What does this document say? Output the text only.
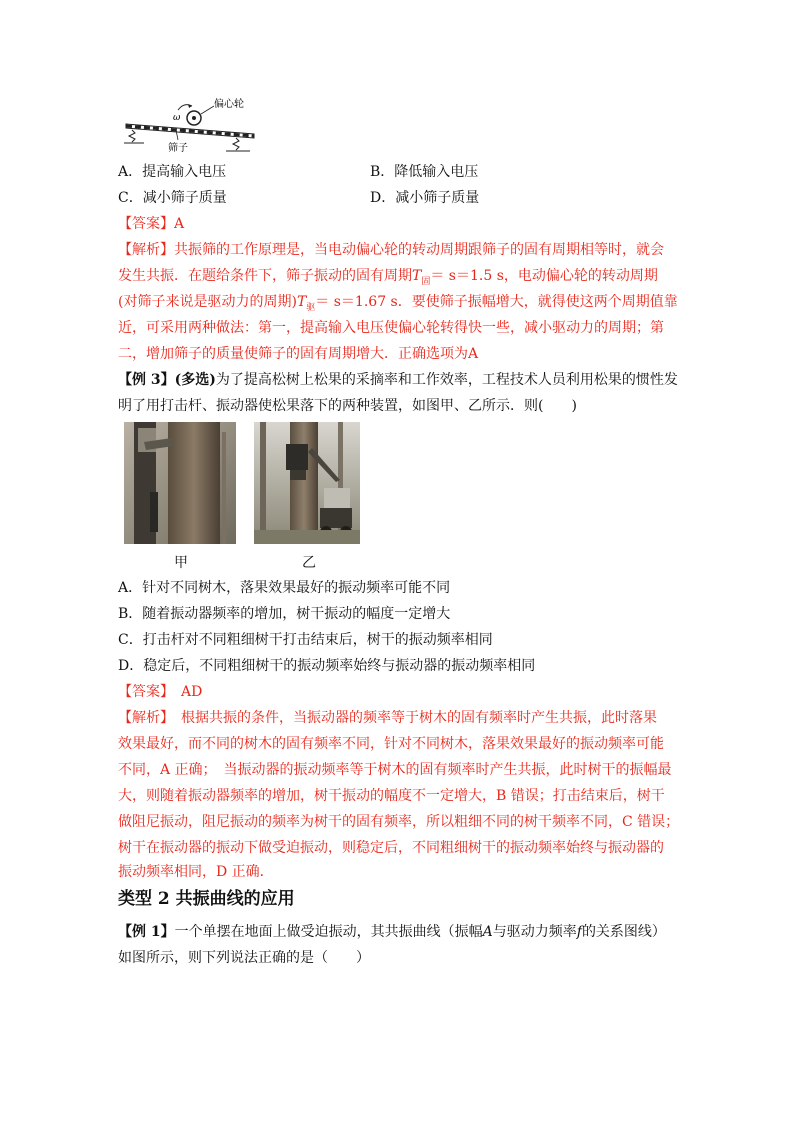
ω
偏心轮
筛子
A．提高输入电压	B．降低输入电压
C．减小筛子质量	D．减小筛子质量
【答案】A
【解析】共振筛的工作原理是，当电动偏心轮的转动周期跟筛子的固有周期相等时，就会
发生共振．在题给条件下，筛子振动的固有周期$T_固= s=1.5$ s，电动偏心轮的转动周期
(对筛子来说是驱动力的周期)$T_驱= s=1.67$ s．要使筛子振幅增大，就得使这两个周期值靠
近，可采用两种做法：第一，提高输入电压使偏心轮转得快一些，减小驱动力的周期；第
二，增加筛子的质量使筛子的固有周期增大．正确选项为A
【例 3】(多选)为了提高松树上松果的采摘率和工作效率，工程技术人员利用松果的惯性发
明了用打击杆、振动器使松果落下的两种装置，如图甲、乙所示．则(　　)
甲	乙
A．针对不同树木，落果效果最好的振动频率可能不同
B．随着振动器频率的增加，树干振动的幅度一定增大
C．打击杆对不同粗细树干打击结束后，树干的振动频率相同
D．稳定后，不同粗细树干的振动频率始终与振动器的振动频率相同
【答案】　AD
【解析】　根据共振的条件，当振动器的频率等于树木的固有频率时产生共振，此时落果
效果最好，而不同的树木的固有频率不同，针对不同树木，落果效果最好的振动频率可能
不同，A 正确；　当振动器的振动频率等于树木的固有频率时产生共振，此时树干的振幅最
大，则随着振动器频率的增加，树干振动的幅度不一定增大，B 错误；打击结束后，树干
做阻尼振动，阻尼振动的频率为树干的固有频率，所以粗细不同的树干频率不同，C 错误；
树干在振动器的振动下做受迫振动，则稳定后，不同粗细树干的振动频率始终与振动器的
振动频率相同，D 正确．
类型 2 共振曲线的应用
【例 1】一个单摆在地面上做受迫振动，其共振曲线（振幅A与驱动力频率f的关系图线）
如图所示，则下列说法正确的是（　　）
